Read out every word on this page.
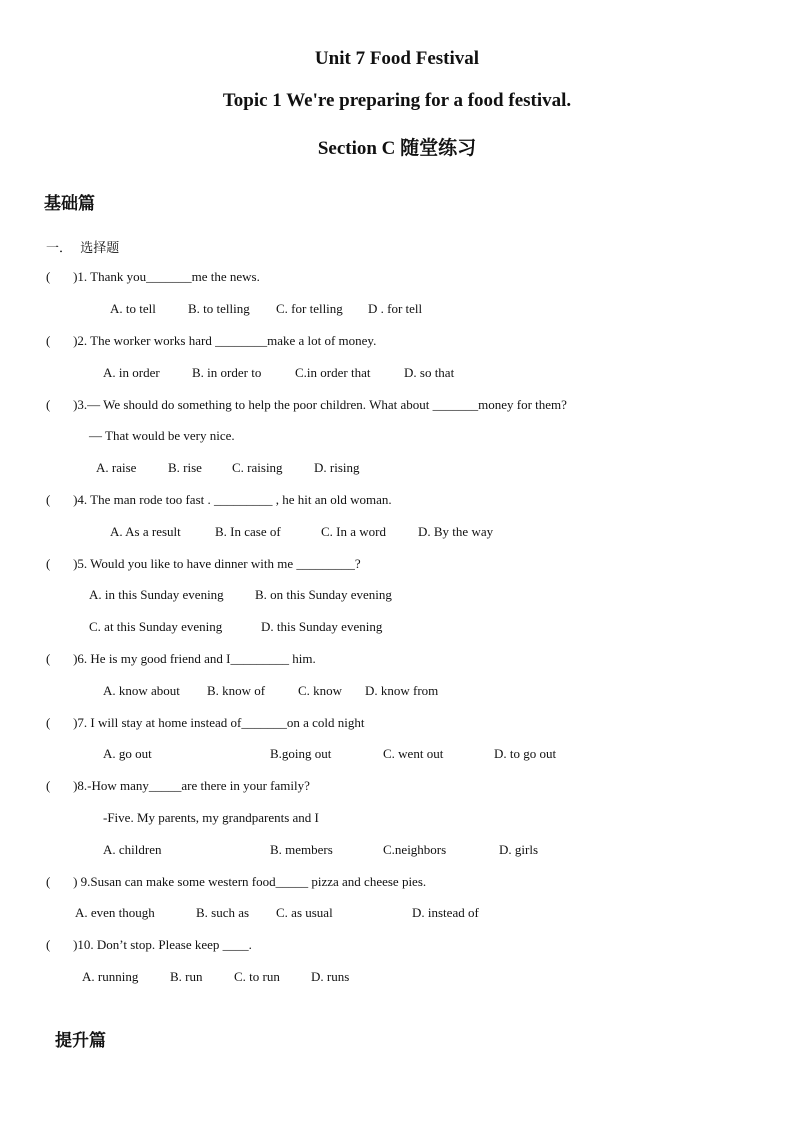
Unit 7 Food Festival
Topic 1 We're preparing for a food festival.
Section C 随堂练习
基础篇
一．  选择题
(       )1. Thank you_______me the news.
A. to tell B. to telling C. for telling D . for tell
(       )2. The worker works hard ________make a lot of money.
A. in order B. in order to	C.in order that	D. so that
(       )3.— We should do something to help the poor children. What about _______money for them?
— That would be very nice.
A. raise B. rise C. raising D. rising
(       )4. The man rode too fast . _________ , he hit an old woman.
A. As a result	B. In case of	C. In a word D. By the way
(       )5. Would you like to have dinner with me _________?
A. in this Sunday evening B. on this Sunday evening
C. at this Sunday evening	D. this Sunday evening
(       )6. He is my good friend and I_________ him.
A. know about B. know of	C. know D. know from
(       )7. I will stay at home instead of_______on a cold night
A. go out	B.going out	C. went out	D. to go out
(       )8.-How many_____are there in your family?
-Five. My parents, my grandparents and I
A. children	B. members	C.neighbors	D. girls
(       ) 9.Susan can make some western food_____ pizza and cheese pies.
A. even though	B. such as C. as usual	D. instead of
(       )10. Don’t stop. Please keep ____.
A. running B. run C. to run D. runs
提升篇
